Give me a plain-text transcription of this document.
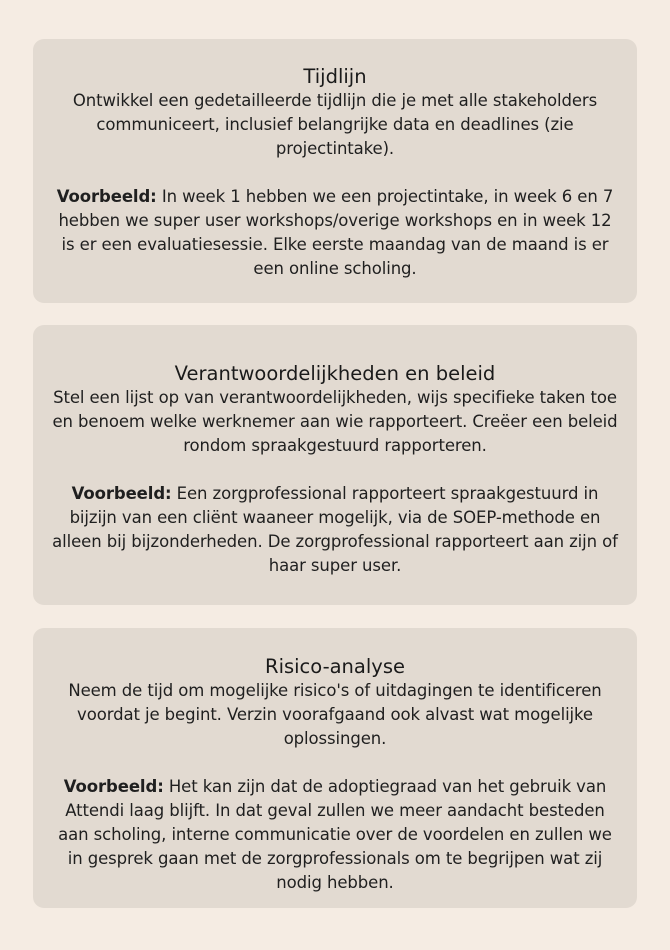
Tijdlijn

Ontwikkel een gedetailleerde tijdlijn die je met alle stakeholders communiceert, inclusief belangrijke data en deadlines (zie projectintake).

Voorbeeld: In week 1 hebben we een projectintake, in week 6 en 7 hebben we super user workshops/overige workshops en in week 12 is er een evaluatiesessie. Elke eerste maandag van de maand is er een online scholing.

Verantwoordelijkheden en beleid

Stel een lijst op van verantwoordelijkheden, wijs specifieke taken toe en benoem welke werknemer aan wie rapporteert. Creëer een beleid rondom spraakgestuurd rapporteren.

Voorbeeld: Een zorgprofessional rapporteert spraakgestuurd in bijzijn van een cliënt waaneer mogelijk, via de SOEP-methode en alleen bij bijzonderheden. De zorgprofessional rapporteert aan zijn of haar super user.

Risico-analyse

Neem de tijd om mogelijke risico's of uitdagingen te identificeren voordat je begint. Verzin voorafgaand ook alvast wat mogelijke oplossingen.

Voorbeeld: Het kan zijn dat de adoptiegraad van het gebruik van Attendi laag blijft. In dat geval zullen we meer aandacht besteden aan scholing, interne communicatie over de voordelen en zullen we in gesprek gaan met de zorgprofessionals om te begrijpen wat zij nodig hebben.
